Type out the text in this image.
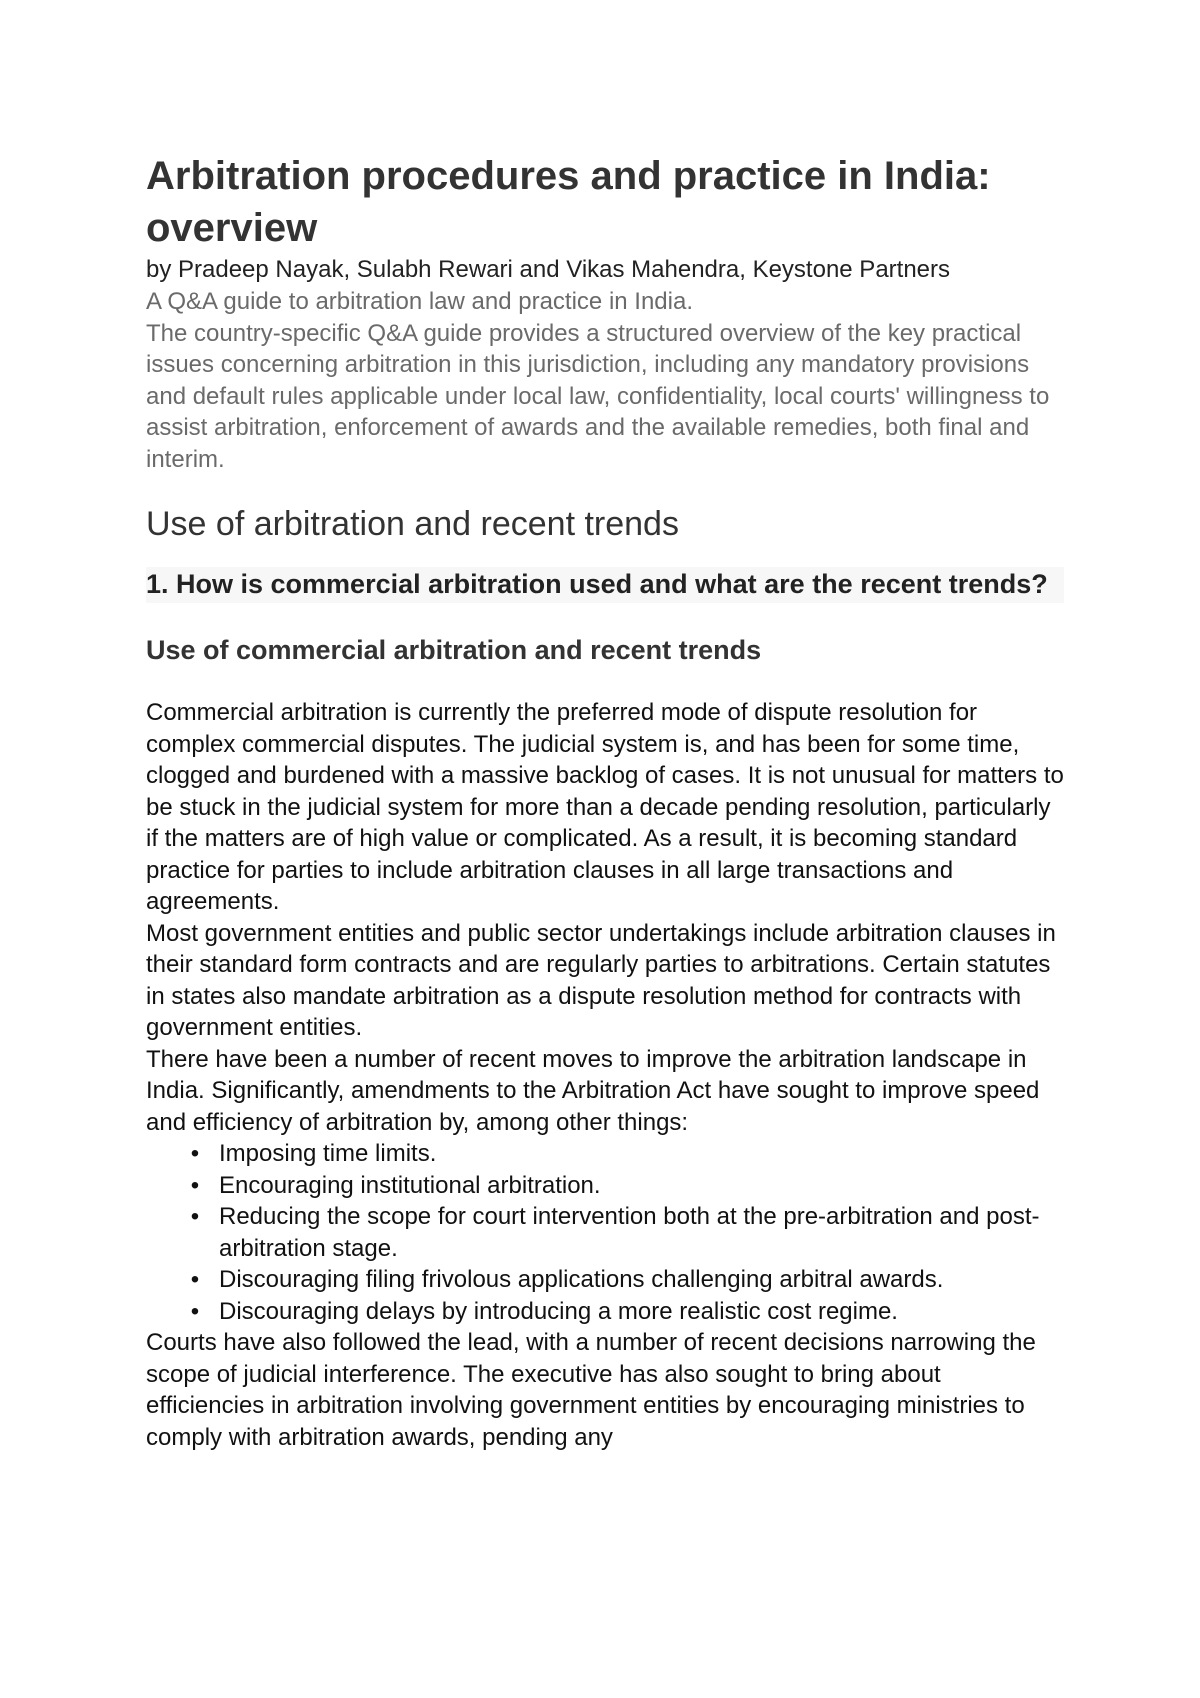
Arbitration procedures and practice in India: overview

by Pradeep Nayak, Sulabh Rewari and Vikas Mahendra, Keystone Partners

A Q&A guide to arbitration law and practice in India.

The country-specific Q&A guide provides a structured overview of the key practical issues concerning arbitration in this jurisdiction, including any mandatory provisions and default rules applicable under local law, confidentiality, local courts' willingness to assist arbitration, enforcement of awards and the available remedies, both final and interim.

Use of arbitration and recent trends
1. How is commercial arbitration used and what are the recent trends?
Use of commercial arbitration and recent trends

Commercial arbitration is currently the preferred mode of dispute resolution for complex commercial disputes. The judicial system is, and has been for some time, clogged and burdened with a massive backlog of cases. It is not unusual for matters to be stuck in the judicial system for more than a decade pending resolution, particularly if the matters are of high value or complicated. As a result, it is becoming standard practice for parties to include arbitration clauses in all large transactions and agreements.

Most government entities and public sector undertakings include arbitration clauses in their standard form contracts and are regularly parties to arbitrations. Certain statutes in states also mandate arbitration as a dispute resolution method for contracts with government entities.

There have been a number of recent moves to improve the arbitration landscape in India. Significantly, amendments to the Arbitration Act have sought to improve speed and efficiency of arbitration by, among other things:

• Imposing time limits.
• Encouraging institutional arbitration.
• Reducing the scope for court intervention both at the pre-arbitration and post-arbitration stage.
• Discouraging filing frivolous applications challenging arbitral awards.
• Discouraging delays by introducing a more realistic cost regime.

Courts have also followed the lead, with a number of recent decisions narrowing the scope of judicial interference. The executive has also sought to bring about efficiencies in arbitration involving government entities by encouraging ministries to comply with arbitration awards, pending any
